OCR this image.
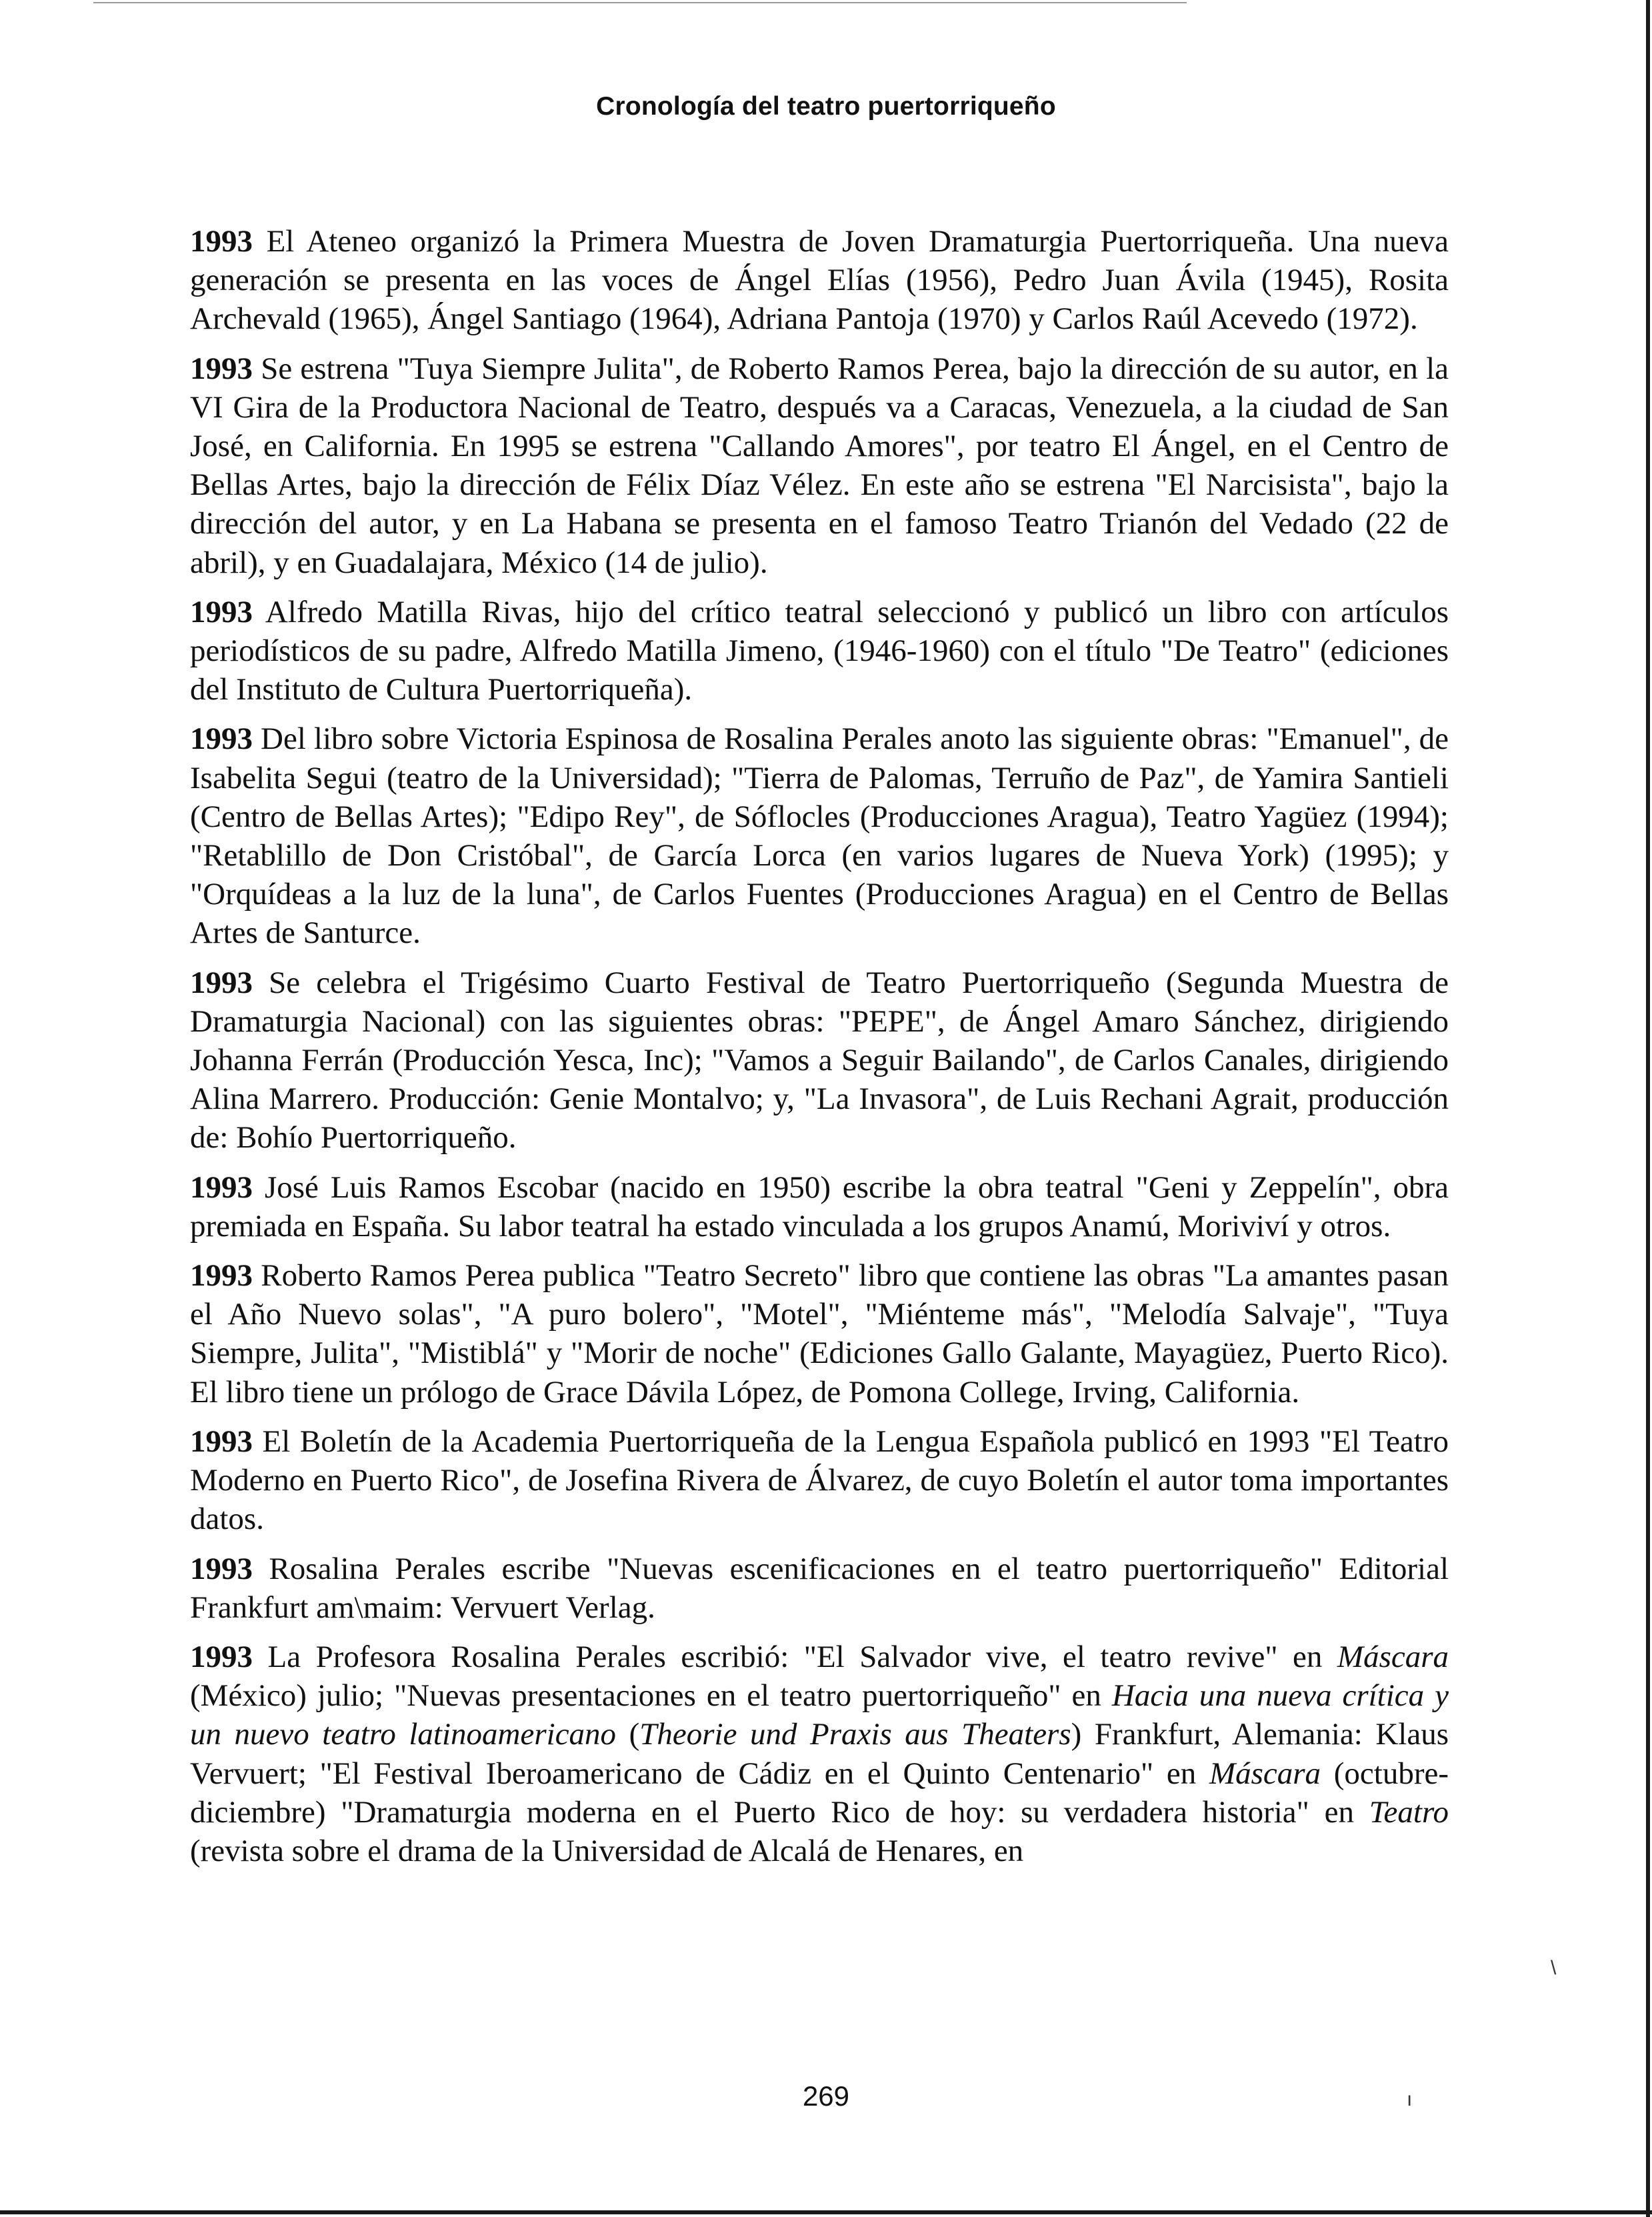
Cronología del teatro puertorriqueño

1993 El Ateneo organizó la Primera Muestra de Joven Dramaturgia Puertorriqueña. Una nueva generación se presenta en las voces de Ángel Elías (1956), Pedro Juan Ávila (1945), Rosita Archevald (1965), Ángel Santiago (1964), Adriana Pantoja (1970) y Carlos Raúl Acevedo (1972).

1993 Se estrena "Tuya Siempre Julita", de Roberto Ramos Perea, bajo la dirección de su autor, en la VI Gira de la Productora Nacional de Teatro, después va a Caracas, Venezuela, a la ciudad de San José, en California. En 1995 se estrena "Callando Amores", por teatro El Ángel, en el Centro de Bellas Artes, bajo la dirección de Félix Díaz Vélez. En este año se estrena "El Narcisista", bajo la dirección del autor, y en La Habana se presenta en el famoso Teatro Trianón del Vedado (22 de abril), y en Guadalajara, México (14 de julio).

1993 Alfredo Matilla Rivas, hijo del crítico teatral seleccionó y publicó un libro con artículos periodísticos de su padre, Alfredo Matilla Jimeno, (1946-1960) con el título "De Teatro" (ediciones del Instituto de Cultura Puertorriqueña).

1993 Del libro sobre Victoria Espinosa de Rosalina Perales anoto las siguiente obras: "Emanuel", de Isabelita Segui (teatro de la Universidad); "Tierra de Palomas, Terruño de Paz", de Yamira Santieli (Centro de Bellas Artes); "Edipo Rey", de Sóflocles (Producciones Aragua), Teatro Yagüez (1994); "Retablillo de Don Cristóbal", de García Lorca (en varios lugares de Nueva York) (1995); y "Orquídeas a la luz de la luna", de Carlos Fuentes (Producciones Aragua) en el Centro de Bellas Artes de Santurce.

1993 Se celebra el Trigésimo Cuarto Festival de Teatro Puertorriqueño (Segunda Muestra de Dramaturgia Nacional) con las siguientes obras: "PEPE", de Ángel Amaro Sánchez, dirigiendo Johanna Ferrán (Producción Yesca, Inc); "Vamos a Seguir Bailando", de Carlos Canales, dirigiendo Alina Marrero. Producción: Genie Montalvo; y, "La Invasora", de Luis Rechani Agrait, producción de: Bohío Puertorriqueño.

1993 José Luis Ramos Escobar (nacido en 1950) escribe la obra teatral "Geni y Zeppelín", obra premiada en España. Su labor teatral ha estado vinculada a los grupos Anamú, Moriviví y otros.

1993 Roberto Ramos Perea publica "Teatro Secreto" libro que contiene las obras "La amantes pasan el Año Nuevo solas", "A puro bolero", "Motel", "Miénteme más", "Melodía Salvaje", "Tuya Siempre, Julita", "Mistiblá" y "Morir de noche" (Ediciones Gallo Galante, Mayagüez, Puerto Rico). El libro tiene un prólogo de Grace Dávila López, de Pomona College, Irving, California.

1993 El Boletín de la Academia Puertorriqueña de la Lengua Española publicó en 1993 "El Teatro Moderno en Puerto Rico", de Josefina Rivera de Álvarez, de cuyo Boletín el autor toma importantes datos.

1993 Rosalina Perales escribe "Nuevas escenificaciones en el teatro puertorriqueño" Editorial Frankfurt am\maim: Vervuert Verlag.

1993 La Profesora Rosalina Perales escribió: "El Salvador vive, el teatro revive" en Máscara (México) julio; "Nuevas presentaciones en el teatro puertorriqueño" en Hacia una nueva crítica y un nuevo teatro latinoamericano (Theorie und Praxis aus Theaters) Frankfurt, Alemania: Klaus Vervuert; "El Festival Iberoamericano de Cádiz en el Quinto Centenario" en Máscara (octubre-diciembre) "Dramaturgia moderna en el Puerto Rico de hoy: su verdadera historia" en Teatro (revista sobre el drama de la Universidad de Alcalá de Henares, en

269
\
ı
